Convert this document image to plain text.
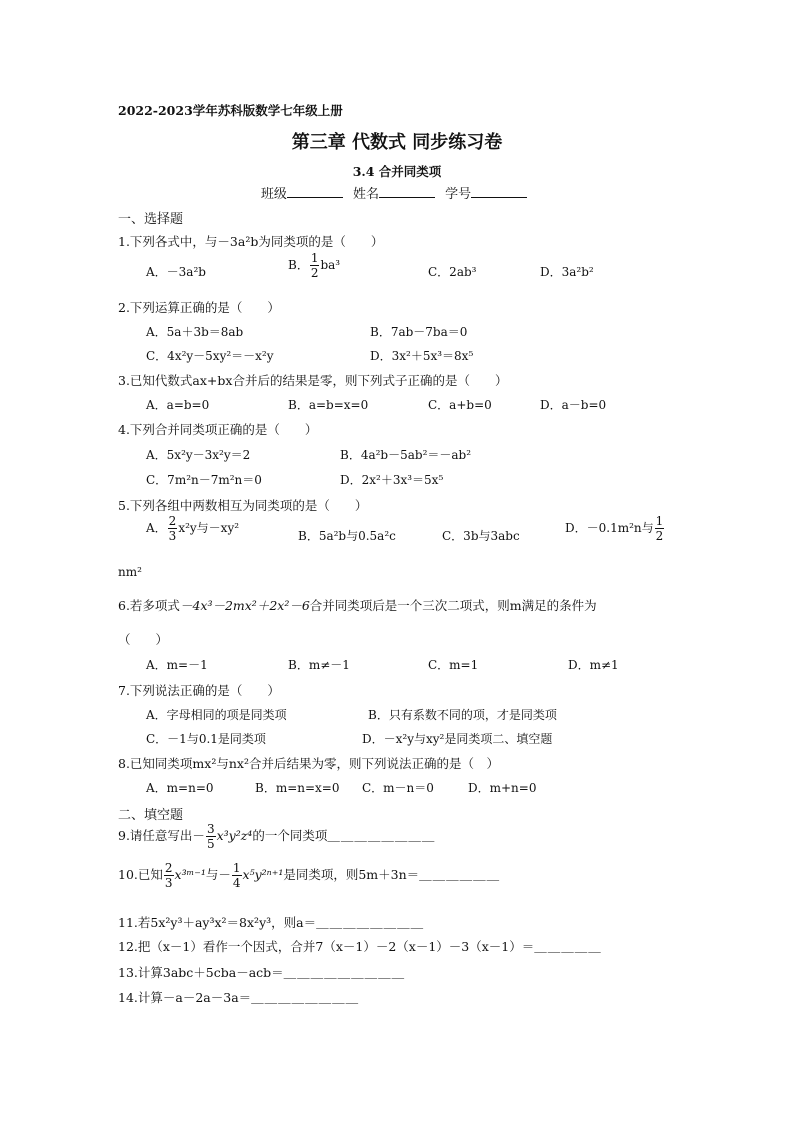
2022-2023学年苏科版数学七年级上册
第三章 代数式 同步练习卷
3.4 合并同类项
班级	姓名	学号
一、选择题
1.下列各式中，与－3a²b为同类项的是（　　）
A．－3a²b	B． $\frac{1}{2} ba^3$	C．2ab³	D．3a²b²
2.下列运算正确的是（　　）
A．5a＋3b＝8ab	B．7ab－7ba＝0
C．4x²y－5xy²＝－x²y	D．3x²＋5x³＝8x⁵
3.已知代数式ax+bx合并后的结果是零，则下列式子正确的是（　　）
A．a=b=0	B．a=b=x=0	C．a+b=0	D．a－b=0
4.下列合并同类项正确的是（　　）
A．5x²y－3x²y＝2	B．4a²b－5ab²＝－ab²
C．7m²n－7m²n＝0	D．2x²＋3x³＝5x⁵
5.下列各组中两数相互为同类项的是（　　）
A． $\frac{2}{3} x^2y$与－xy²
B．5a²b与0.5a²c	C．3b与3abc
D．－0.1m²n与 $\frac{1}{2}$
nm²
6.若多项式－4x³－2mx²＋2x²－6合并同类项后是一个三次二项式，则m满足的条件为
（　　）
A．m=－1	B．m≠－1	C．m=1	D．m≠1
7.下列说法正确的是（　　）
A．字母相同的项是同类项	B．只有系数不同的项，才是同类项
C．－1与0.1是同类项	D．－x²y与xy²是同类项二、填空题
8.已知同类项mx²与nx²合并后结果为零，则下列说法正确的是（　）
A．m=n=0	B．m=n=x=0 C．m－n＝0	D．m+n=0
二、填空题
9.请任意写出－ $\frac{3}{5} x^3y^2z^4$的一个同类项＿＿＿＿＿＿＿＿
10.已知 $\frac{2}{3}$ x³ᵐ⁻¹与－ $\frac{1}{4} x^5y^{2n+1}$是同类项，则5m＋3n＝＿＿＿＿＿＿
11.若5x²y³＋ay³x²＝8x²y³，则a＝＿＿＿＿＿＿＿＿
12.把（x－1）看作一个因式，合并7（x－1）－2（x－1）－3（x－1）＝＿＿＿＿＿
13.计算3abc＋5cba－acb＝＿＿＿＿＿＿＿＿＿
14.计算－a－2a－3a＝＿＿＿＿＿＿＿＿
